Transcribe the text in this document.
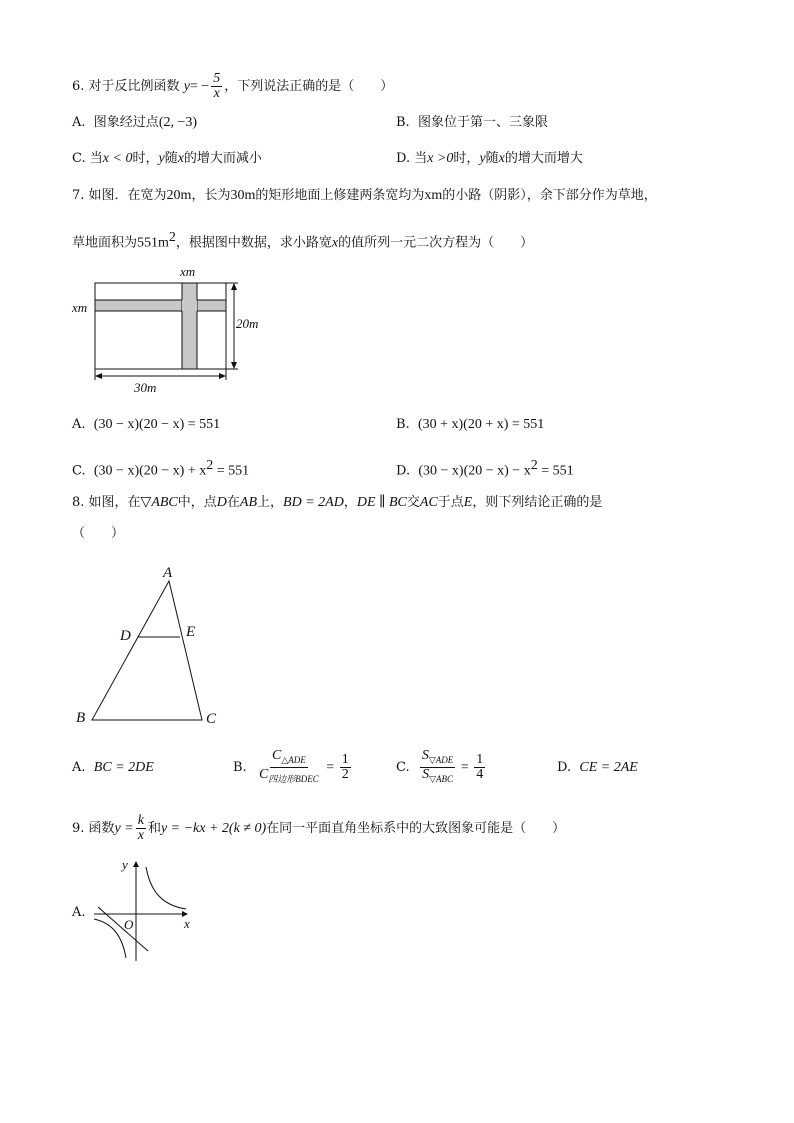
6. 对于反比例函数 $y= - \frac{5}{x}$ ，下列说法正确的是（　　）
A. 图象经过点(2, −3)	B. 图象位于第一、三象限
C. 当x < 0时，y随x的增大而减小	D. 当x >0时，y随x的增大而增大
7. 如图．在宽为20m，长为30m的矩形地面上修建两条宽均为xm的小路（阴影），余下部分作为草地，
草地面积为$551m^2$，根据图中数据，求小路宽x的值所列一元二次方程为（　　）
xm
xm
20m
30m
A. (30 − x)(20 − x) = 551	B. (30 + x)(20 + x) = 551
C. $(30 - x)(20 - x) + x^2 = 551$	D. $(30 - x)(20 - x) - x^2 = 551$
8. 如图，在▽ABC中，点D在AB上，BD = 2AD，DE ∥ BC交AC于点E，则下列结论正确的是
（　　）
A
D	E
B	C
A. BC = 2DE	B. $\frac{C_{\triangle ADE}}{C_{四边形BDEC}} = \frac{1}{2}$	C. $\frac{S_{▽ADE}}{S_{▽ABC}} = \frac{1}{4}$	D. CE = 2AE
9. 函数$y = \frac{k}{x}$ 和y = −kx + 2(k ≠ 0)在同一平面直角坐标系中的大致图象可能是（　　）
A.
y
x
O
